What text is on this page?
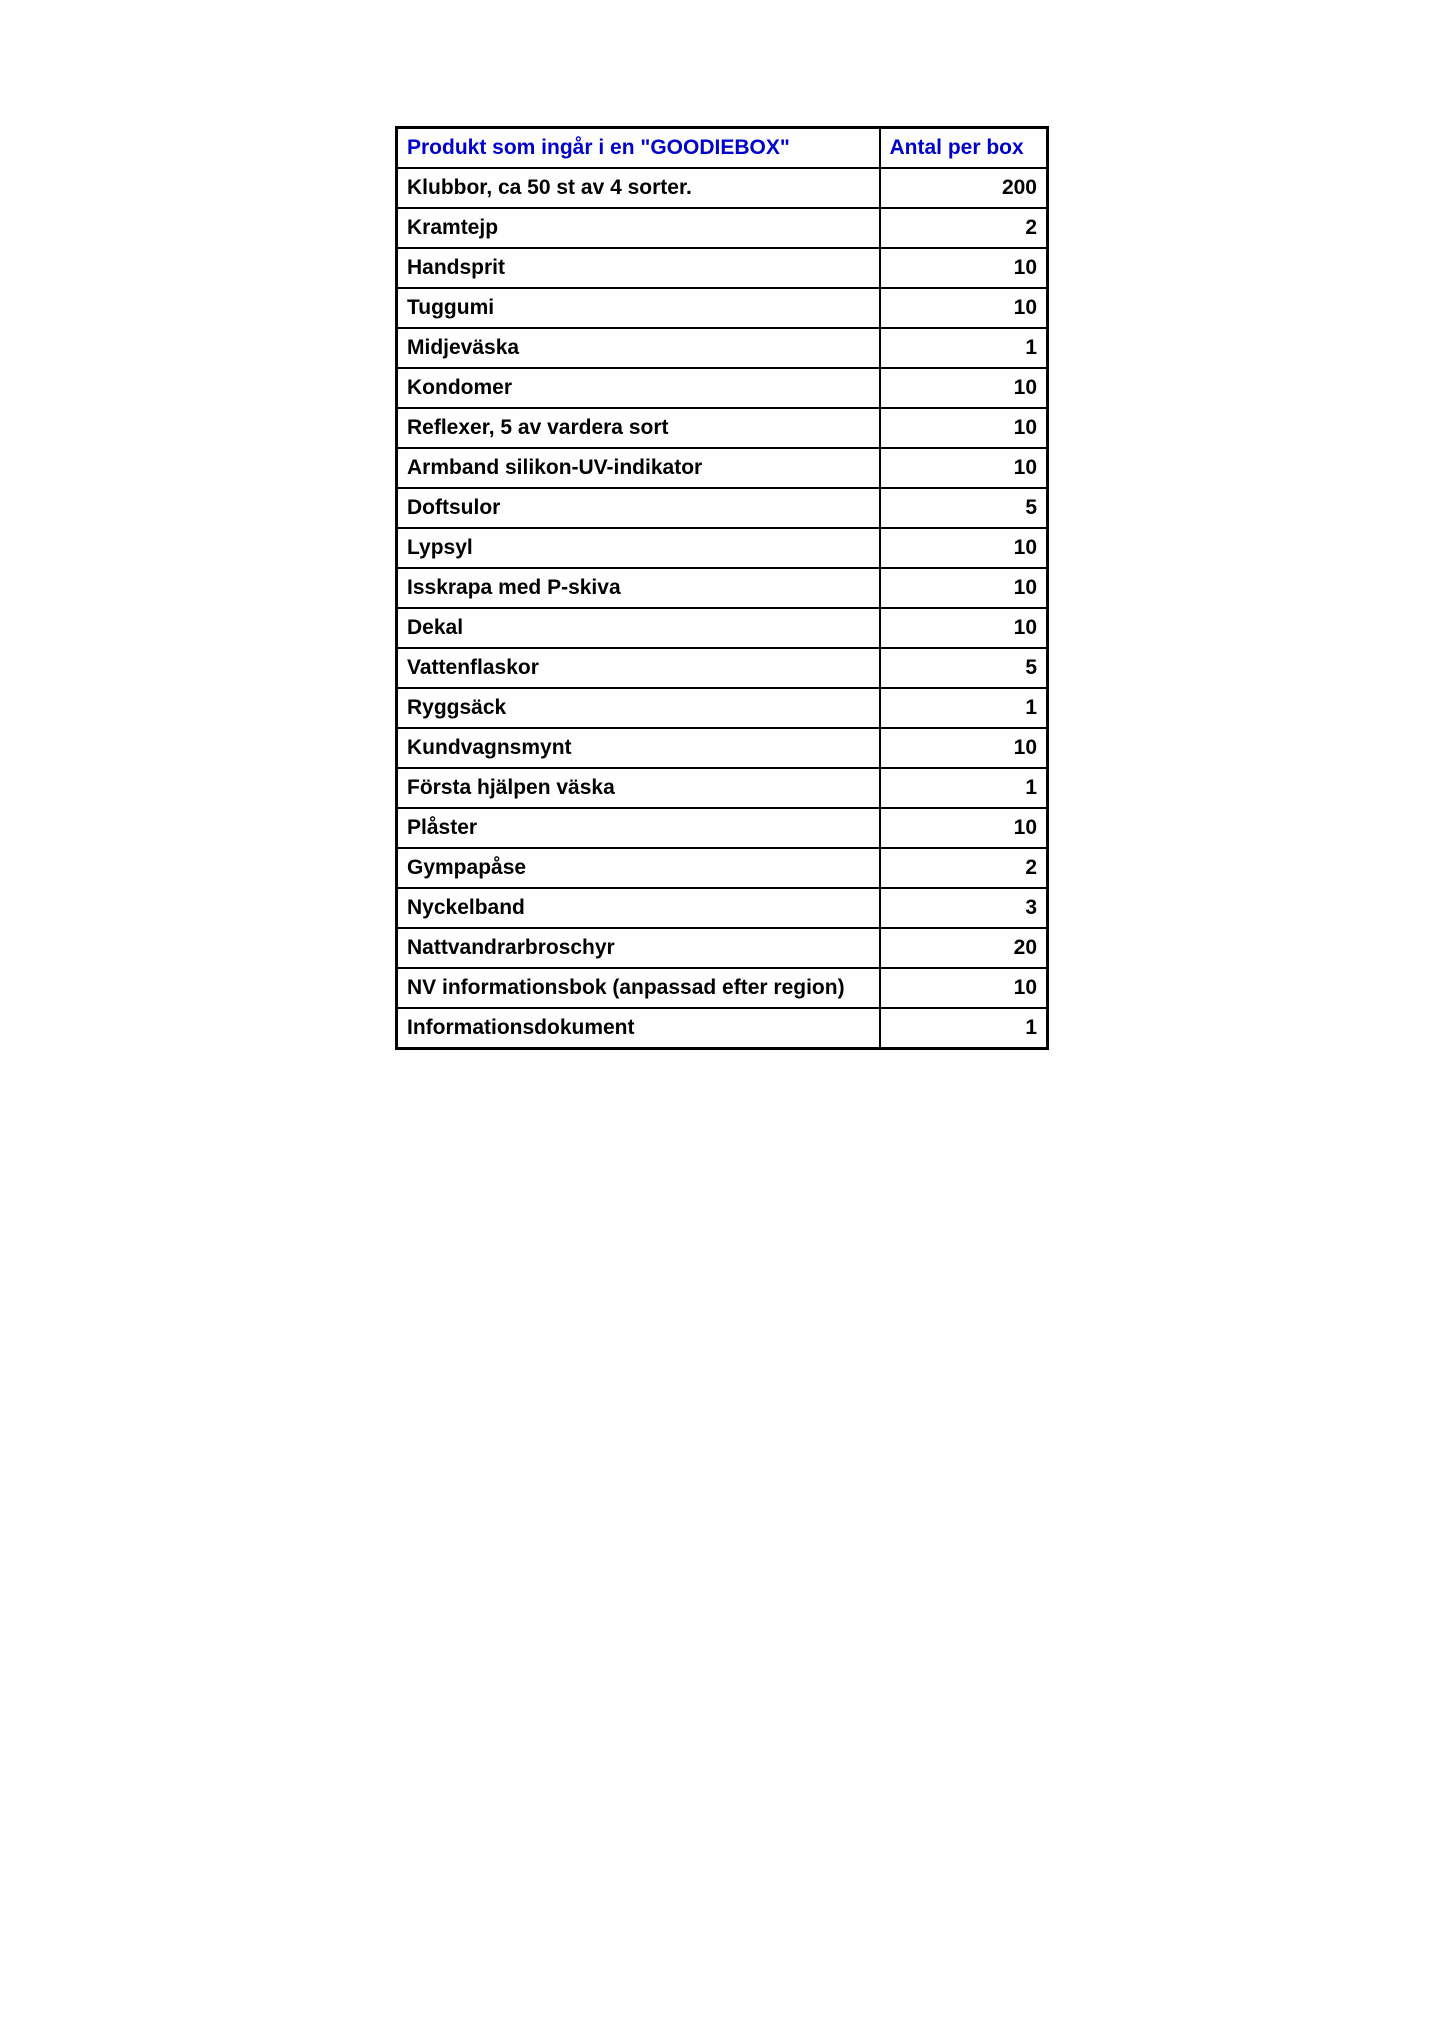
Produkt som ingår i en "GOODIEBOX"	Antal per box
Klubbor, ca 50 st av 4 sorter.	200
Kramtejp	2
Handsprit	10
Tuggumi	10
Midjeväska	1
Kondomer	10
Reflexer, 5 av vardera sort	10
Armband silikon-UV-indikator	10
Doftsulor	5
Lypsyl	10
Isskrapa med P-skiva	10
Dekal	10
Vattenflaskor	5
Ryggsäck	1
Kundvagnsmynt	10
Första hjälpen väska	1
Plåster	10
Gympapåse	2
Nyckelband	3
Nattvandrarbroschyr	20
NV informationsbok (anpassad efter region)	10
Informationsdokument	1
